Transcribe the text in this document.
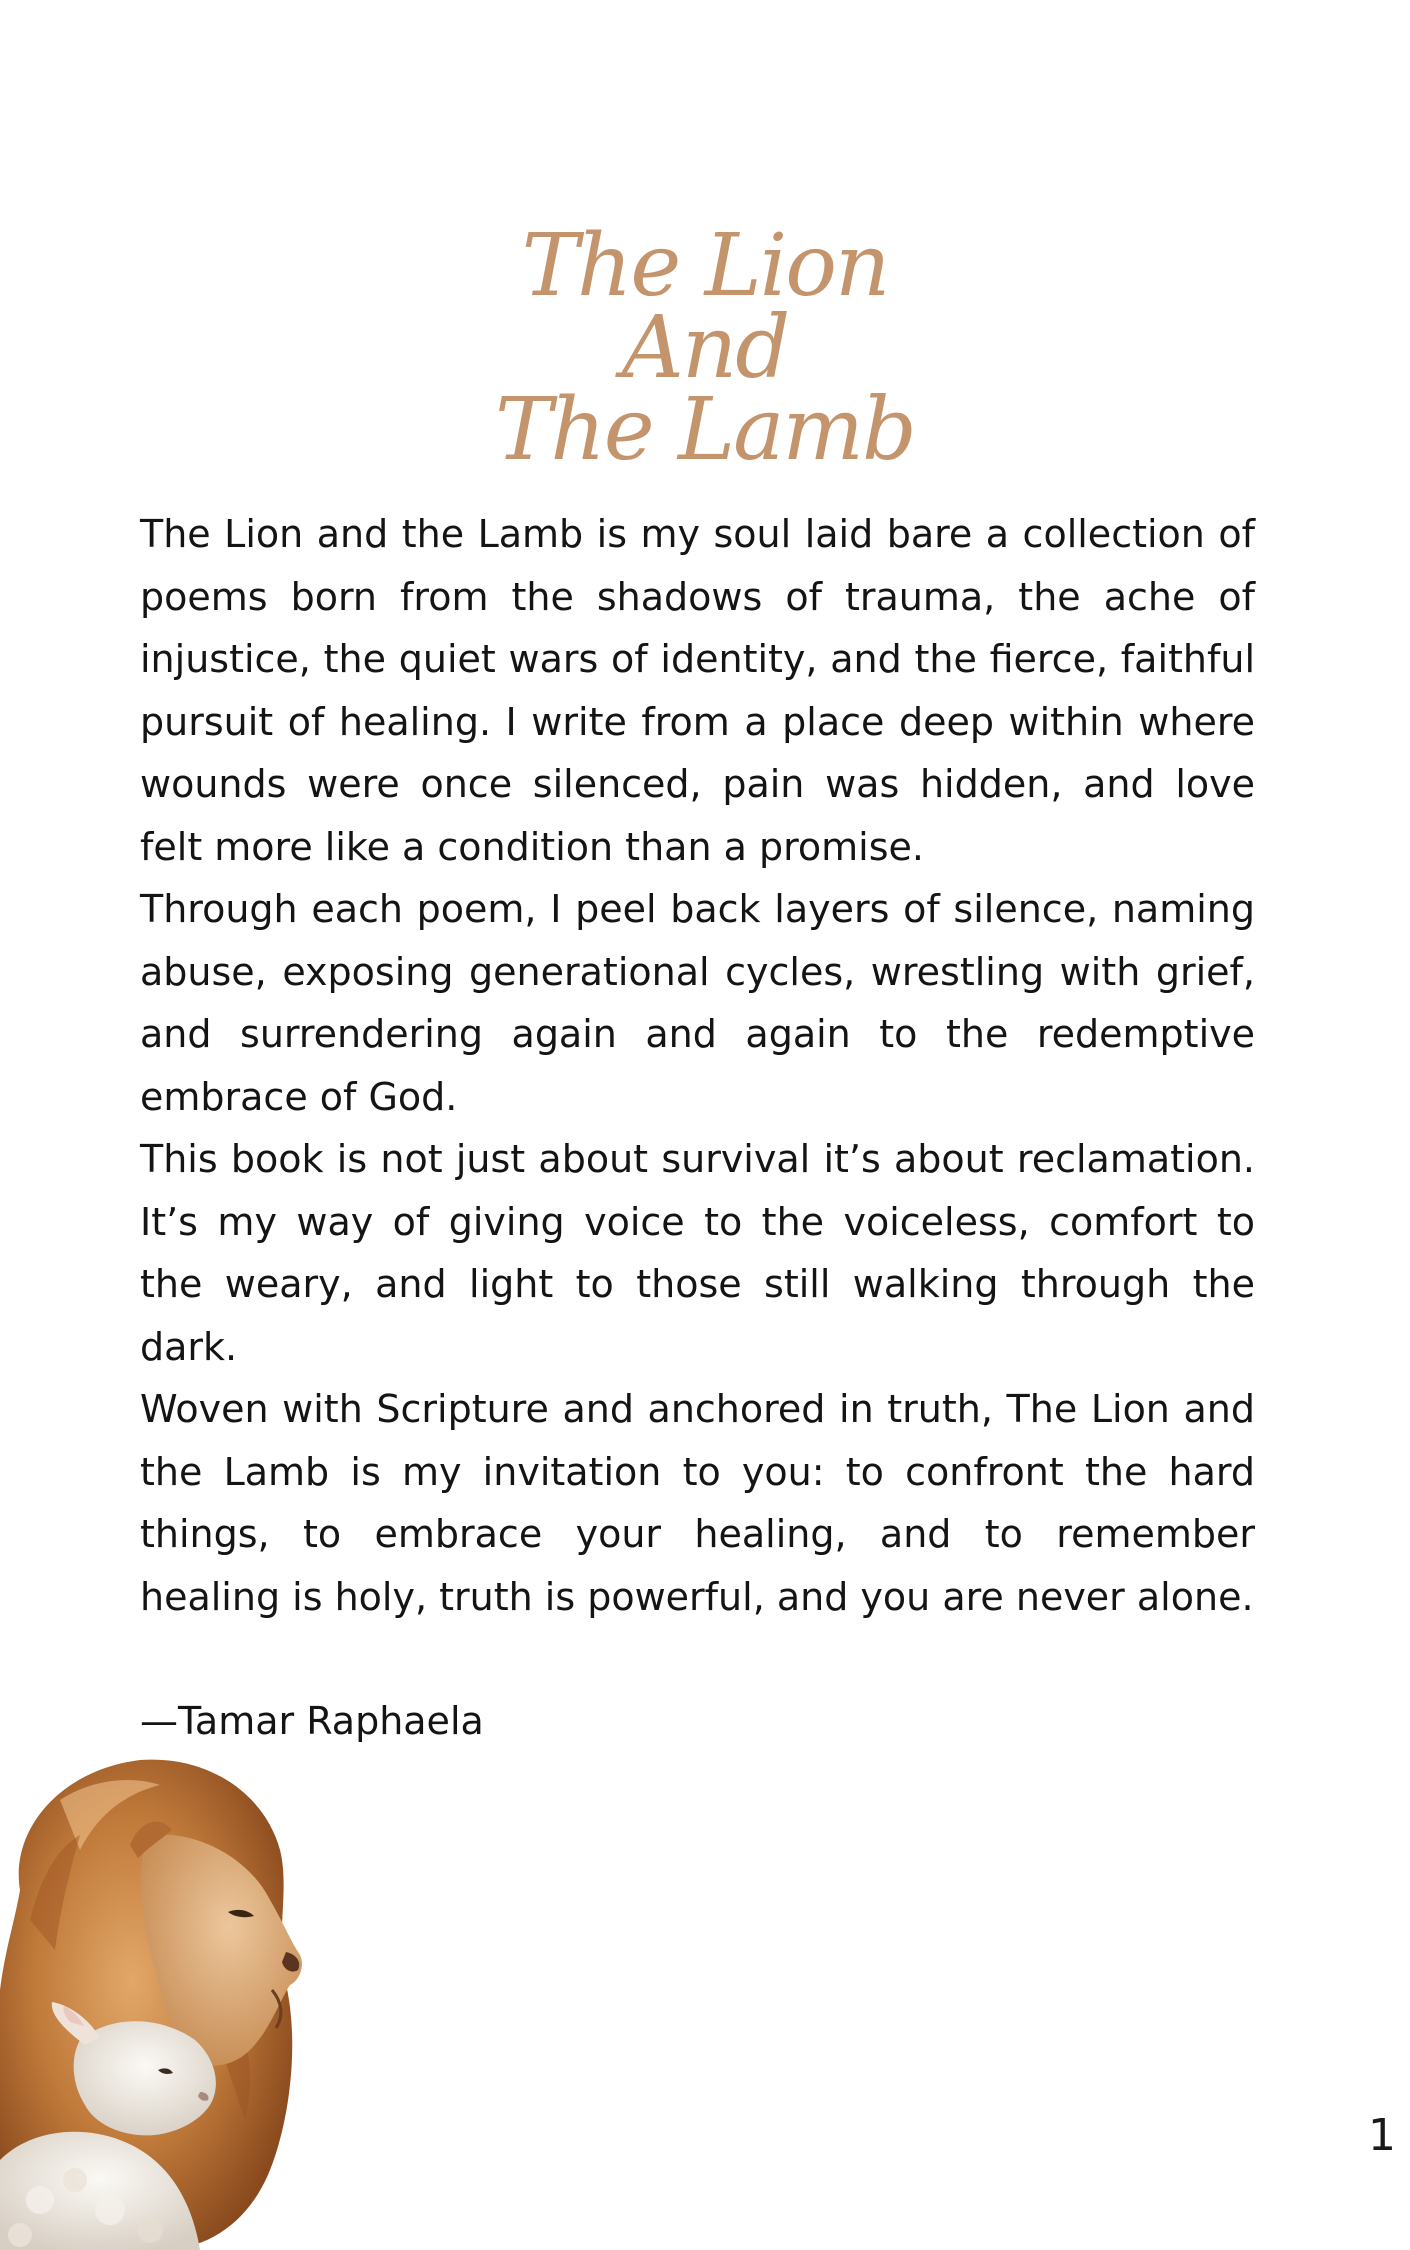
The Lion
And
The Lamb

The Lion and the Lamb is my soul laid bare a collection of poems born from the shadows of trauma, the ache of injustice, the quiet wars of identity, and the fierce, faithful pursuit of healing. I write from a place deep within where wounds were once silenced, pain was hidden, and love felt more like a condition than a promise.

Through each poem, I peel back layers of silence, naming abuse, exposing generational cycles, wrestling with grief, and surrendering again and again to the redemptive embrace of God.

This book is not just about survival it’s about reclamation. It’s my way of giving voice to the voiceless, comfort to the weary, and light to those still walking through the dark.

Woven with Scripture and anchored in truth, The Lion and the Lamb is my invitation to you: to confront the hard things, to embrace your healing, and to remember healing is holy, truth is powerful, and you are never alone.

—Tamar Raphaela
1
